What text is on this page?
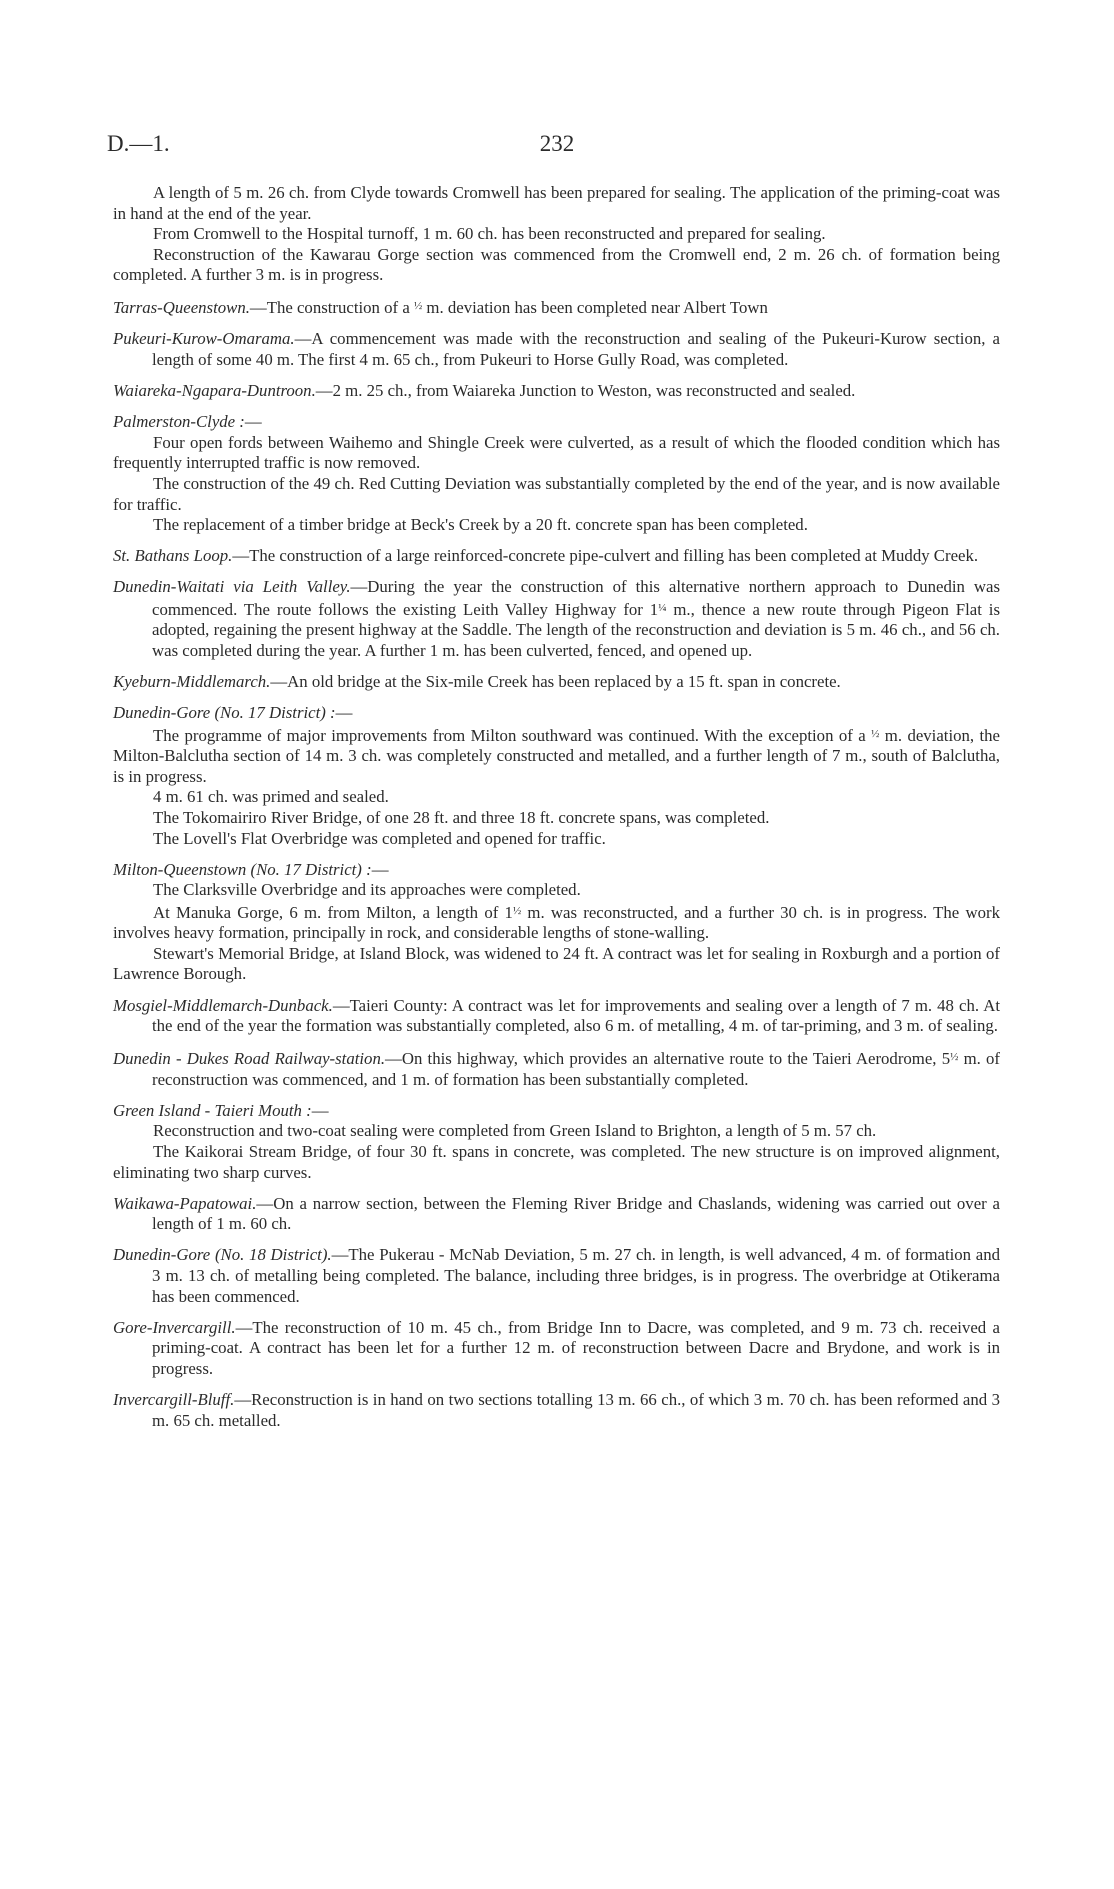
D.—1.	232

A length of 5 m. 26 ch. from Clyde towards Cromwell has been prepared for sealing. The application of the priming-coat was in hand at the end of the year.

From Cromwell to the Hospital turnoff, 1 m. 60 ch. has been reconstructed and prepared for sealing.

Reconstruction of the Kawarau Gorge section was commenced from the Cromwell end, 2 m. 26 ch. of formation being completed. A further 3 m. is in progress.

Tarras-Queenstown.—The construction of a $^{\frac{1}{2}}$ m. deviation has been completed near Albert Town

Pukeuri-Kurow-Omarama.—A commencement was made with the reconstruction and sealing of the Pukeuri-Kurow section, a length of some 40 m. The first 4 m. 65 ch., from Pukeuri to Horse Gully Road, was completed.

Waiareka-Ngapara-Duntroon.—2 m. 25 ch., from Waiareka Junction to Weston, was reconstructed and sealed.

Palmerston-Clyde :—

Four open fords between Waihemo and Shingle Creek were culverted, as a result of which the flooded condition which has frequently interrupted traffic is now removed.

The construction of the 49 ch. Red Cutting Deviation was substantially completed by the end of the year, and is now available for traffic.

The replacement of a timber bridge at Beck's Creek by a 20 ft. concrete span has been completed.

St. Bathans Loop.—The construction of a large reinforced-concrete pipe-culvert and filling has been completed at Muddy Creek.

Dunedin-Waitati via Leith Valley.—During the year the construction of this alternative northern approach to Dunedin was commenced. The route follows the existing Leith Valley Highway for $1^{\frac{1}{4}}$ m., thence a new route through Pigeon Flat is adopted, regaining the present highway at the Saddle. The length of the reconstruction and deviation is 5 m. 46 ch., and 56 ch. was completed during the year. A further 1 m. has been culverted, fenced, and opened up.

Kyeburn-Middlemarch.—An old bridge at the Six-mile Creek has been replaced by a 15 ft. span in concrete.

Dunedin-Gore (No. 17 District) :—

The programme of major improvements from Milton southward was continued. With the exception of a $^{\frac{1}{2}}$ m. deviation, the Milton-Balclutha section of 14 m. 3 ch. was completely constructed and metalled, and a further length of 7 m., south of Balclutha, is in progress.

4 m. 61 ch. was primed and sealed.

The Tokomairiro River Bridge, of one 28 ft. and three 18 ft. concrete spans, was completed.

The Lovell's Flat Overbridge was completed and opened for traffic.

Milton-Queenstown (No. 17 District) :—

The Clarksville Overbridge and its approaches were completed.

At Manuka Gorge, 6 m. from Milton, a length of $1^{\frac{1}{2}}$ m. was reconstructed, and a further 30 ch. is in progress. The work involves heavy formation, principally in rock, and considerable lengths of stone-walling.

Stewart's Memorial Bridge, at Island Block, was widened to 24 ft. A contract was let for sealing in Roxburgh and a portion of Lawrence Borough.

Mosgiel-Middlemarch-Dunback.—Taieri County: A contract was let for improvements and sealing over a length of 7 m. 48 ch. At the end of the year the formation was substantially completed, also 6 m. of metalling, 4 m. of tar-priming, and 3 m. of sealing.

Dunedin - Dukes Road Railway-station.—On this highway, which provides an alternative route to the Taieri Aerodrome, $5^{\frac{1}{2}}$ m. of reconstruction was commenced, and 1 m. of formation has been substantially completed.

Green Island - Taieri Mouth :—

Reconstruction and two-coat sealing were completed from Green Island to Brighton, a length of 5 m. 57 ch.

The Kaikorai Stream Bridge, of four 30 ft. spans in concrete, was completed. The new structure is on improved alignment, eliminating two sharp curves.

Waikawa-Papatowai.—On a narrow section, between the Fleming River Bridge and Chaslands, widening was carried out over a length of 1 m. 60 ch.

Dunedin-Gore (No. 18 District).—The Pukerau - McNab Deviation, 5 m. 27 ch. in length, is well advanced, 4 m. of formation and 3 m. 13 ch. of metalling being completed. The balance, including three bridges, is in progress. The overbridge at Otikerama has been commenced.

Gore-Invercargill.—The reconstruction of 10 m. 45 ch., from Bridge Inn to Dacre, was completed, and 9 m. 73 ch. received a priming-coat. A contract has been let for a further 12 m. of reconstruction between Dacre and Brydone, and work is in progress.

Invercargill-Bluff.—Reconstruction is in hand on two sections totalling 13 m. 66 ch., of which 3 m. 70 ch. has been reformed and 3 m. 65 ch. metalled.
